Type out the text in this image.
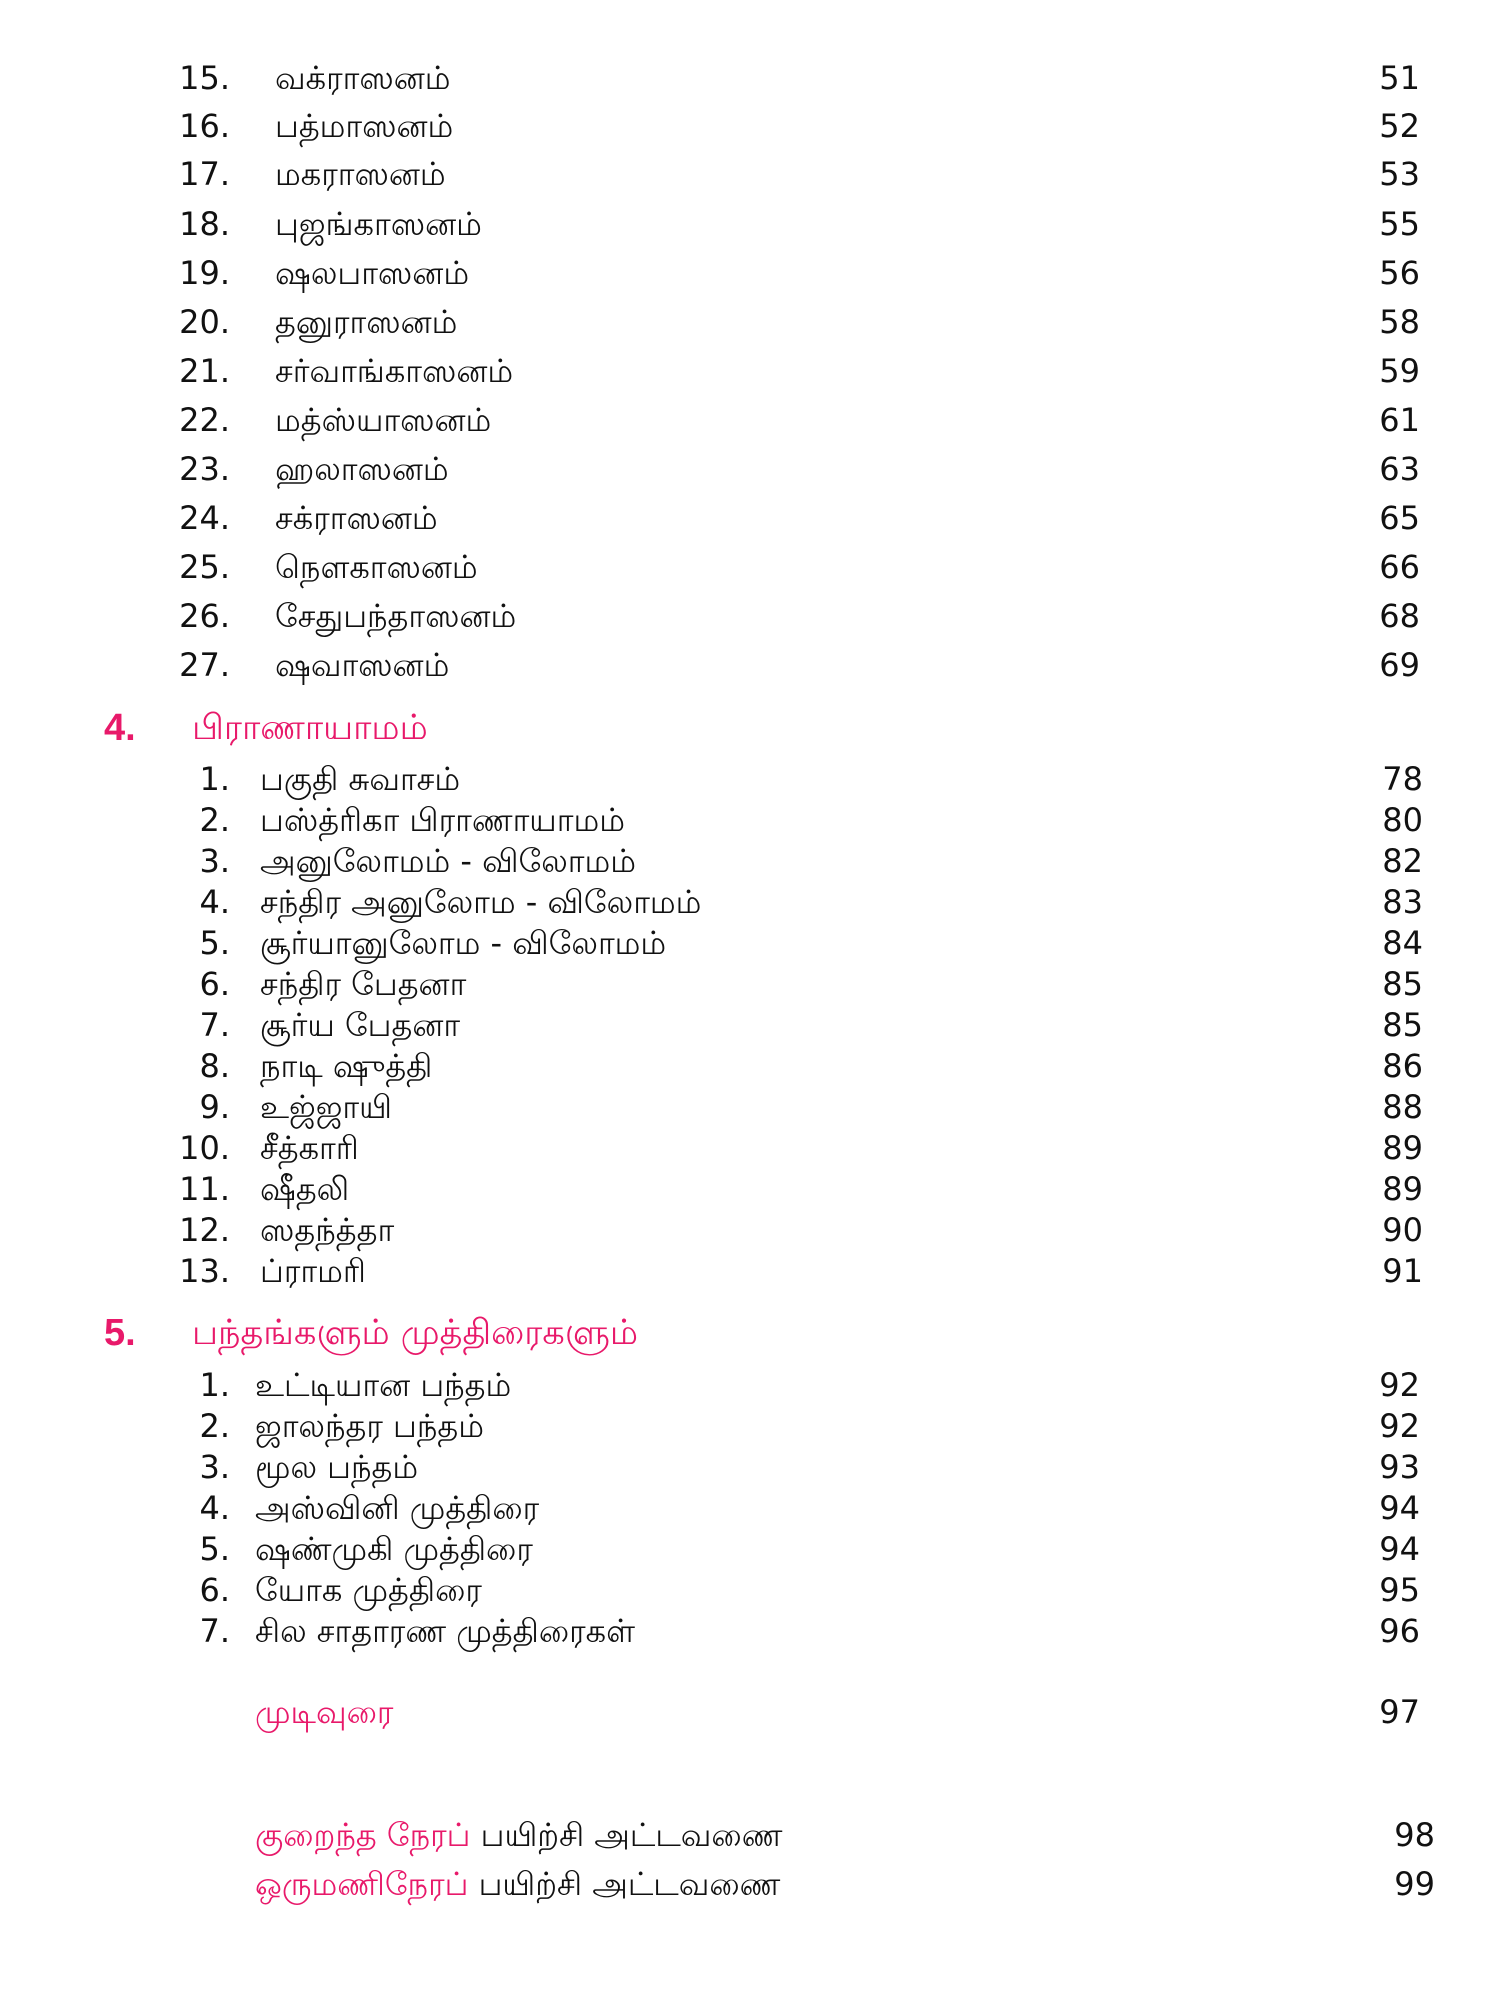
15. வக்ராஸனம்	51
16. பத்மாஸனம்	52
17. மகராஸனம்	53
18. புஜங்காஸனம்	55
19. ஷலபாஸனம்	56
20. தனுராஸனம்	58
21. சர்வாங்காஸனம்	59
22. மத்ஸ்யாஸனம்	61
23. ஹலாஸனம்	63
24. சக்ராஸனம்	65
25. நௌகாஸனம்	66
26. சேதுபந்தாஸனம்	68
27. ஷவாஸனம்	69
4. பிராணாயாமம்
1. பகுதி சுவாசம்	78
2. பஸ்த்ரிகா பிராணாயாமம்	80
3. அனுலோமம் - விலோமம்	82
4. சந்திர அனுலோம - விலோமம்	83
5. சூர்யானுலோம - விலோமம்	84
6. சந்திர பேதனா	85
7. சூர்ய பேதனா	85
8. நாடி ஷுத்தி	86
9. உஜ்ஜாயி	88
10. சீத்காரி	89
11. ஷீதலி	89
12. ஸதந்த்தா	90
13. ப்ராமரி	91
5. பந்தங்களும் முத்திரைகளும்
1. உட்டியான பந்தம்	92
2. ஜாலந்தர பந்தம்	92
3. மூல பந்தம்	93
4. அஸ்வினி முத்திரை	94
5. ஷண்முகி முத்திரை	94
6. யோக முத்திரை	95
7. சில சாதாரண முத்திரைகள்	96
முடிவுரை	97
குறைந்த நேரப் பயிற்சி அட்டவணை	98
ஒருமணிநேரப் பயிற்சி அட்டவணை	99
